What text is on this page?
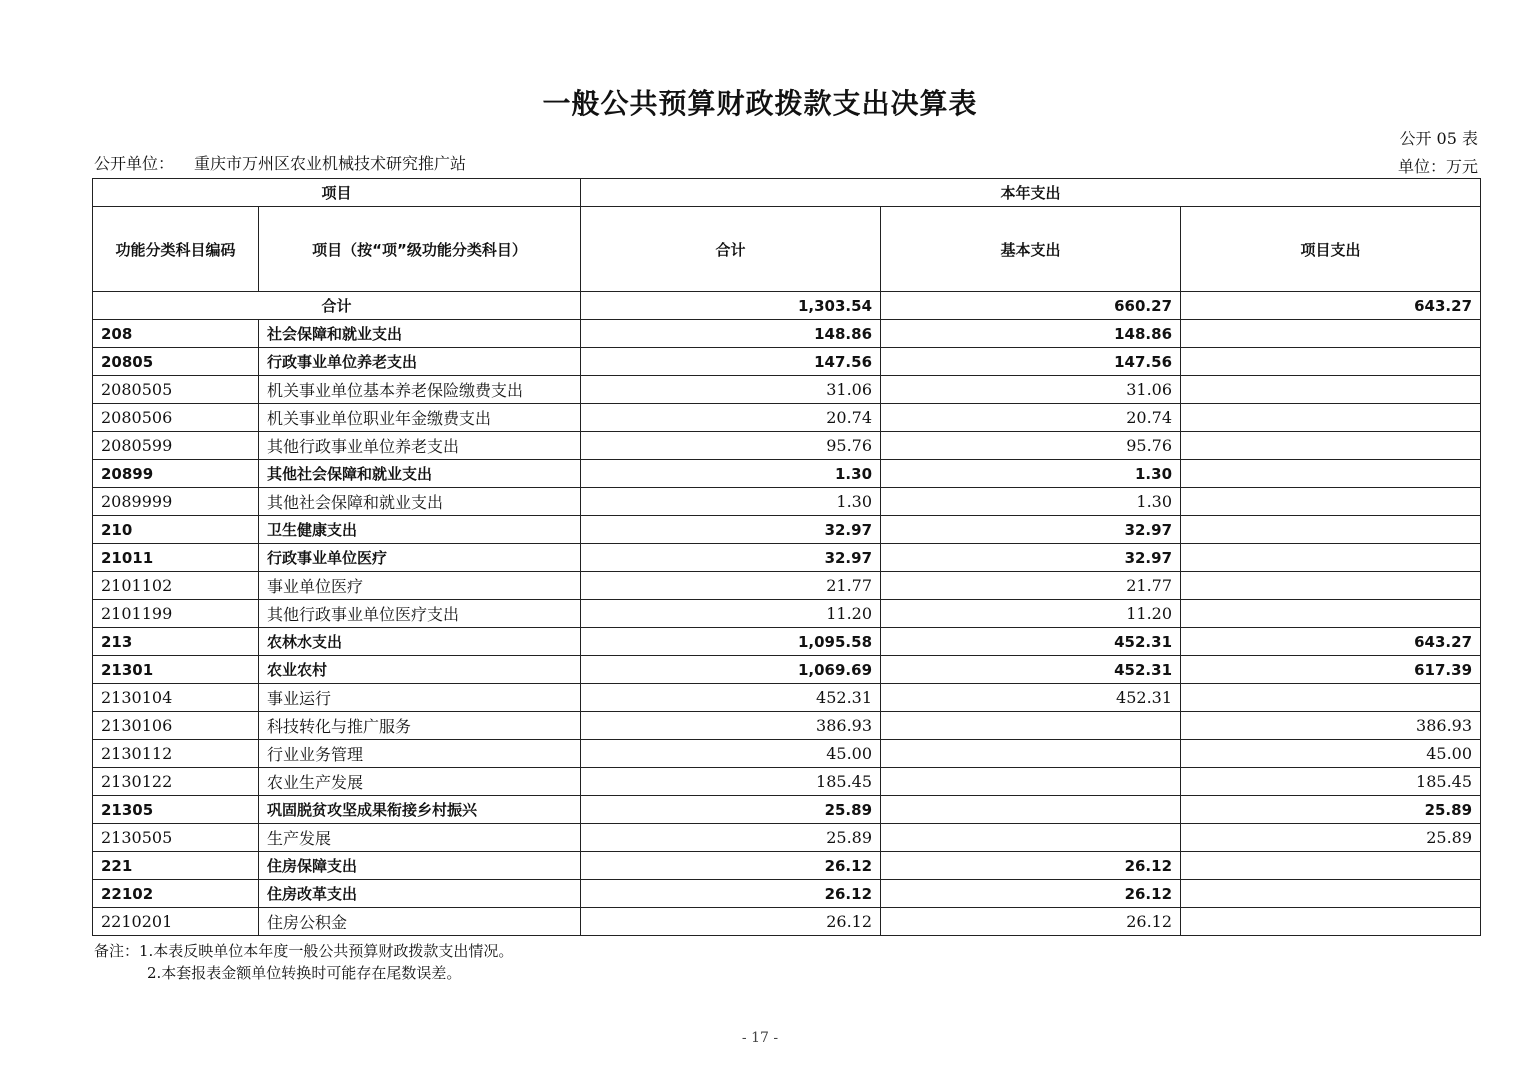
一般公共预算财政拨款支出决算表
公开 05 表
公开单位： 重庆市万州区农业机械技术研究推广站	单位：万元
项目		本年支出		
功能分类科目编码	项目（按“项”级功能分类科目）	合计	基本支出	项目支出
合计		1,303.54	660.27	643.27
208	社会保障和就业支出	148.86	148.86	
20805	行政事业单位养老支出	147.56	147.56	
2080505	机关事业单位基本养老保险缴费支出	31.06	31.06	
2080506	机关事业单位职业年金缴费支出	20.74	20.74	
2080599	其他行政事业单位养老支出	95.76	95.76	
20899	其他社会保障和就业支出	1.30	1.30	
2089999	其他社会保障和就业支出	1.30	1.30	
210	卫生健康支出	32.97	32.97	
21011	行政事业单位医疗	32.97	32.97	
2101102	事业单位医疗	21.77	21.77	
2101199	其他行政事业单位医疗支出	11.20	11.20	
213	农林水支出	1,095.58	452.31	643.27
21301	农业农村	1,069.69	452.31	617.39
2130104	事业运行	452.31	452.31	
2130106	科技转化与推广服务	386.93		386.93
2130112	行业业务管理	45.00		45.00
2130122	农业生产发展	185.45		185.45
21305	巩固脱贫攻坚成果衔接乡村振兴	25.89		25.89
2130505	生产发展	25.89		25.89
221	住房保障支出	26.12	26.12	
22102	住房改革支出	26.12	26.12	
2210201	住房公积金	26.12	26.12	
备注：1.本表反映单位本年度一般公共预算财政拨款支出情况。
2.本套报表金额单位转换时可能存在尾数误差。
- 17 -
